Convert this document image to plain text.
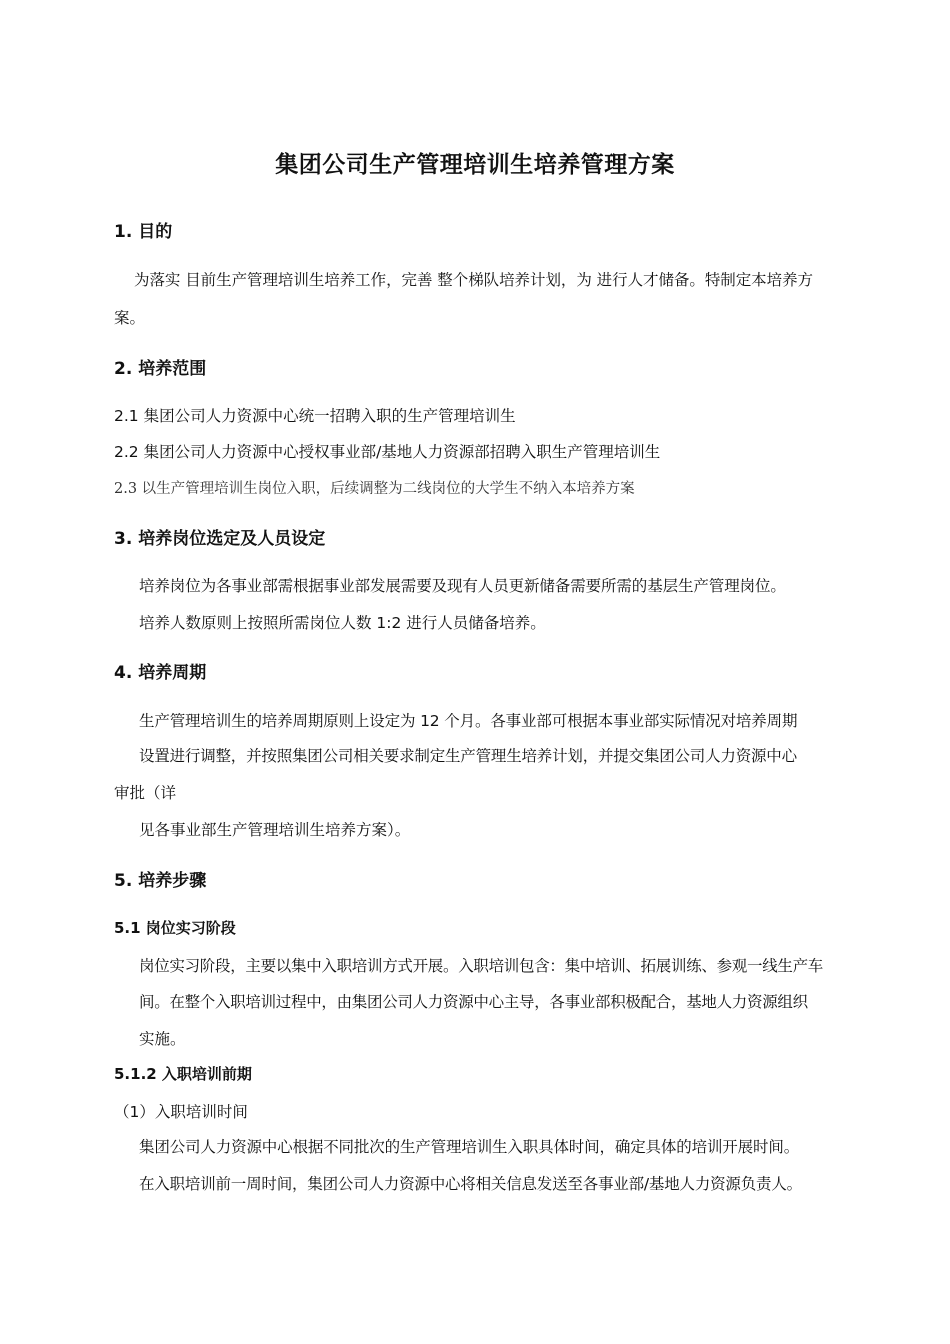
集团公司生产管理培训生培养管理方案
1. 目的
为落实 目前生产管理培训生培养工作，完善 整个梯队培养计划，为 进行人才储备。特制定本培养方
案。
2. 培养范围
2.1 集团公司人力资源中心统一招聘入职的生产管理培训生
2.2 集团公司人力资源中心授权事业部/基地人力资源部招聘入职生产管理培训生
2.3 以生产管理培训生岗位入职，后续调整为二线岗位的大学生不纳入本培养方案
3. 培养岗位选定及人员设定
培养岗位为各事业部需根据事业部发展需要及现有人员更新储备需要所需的基层生产管理岗位。
培养人数原则上按照所需岗位人数 1:2 进行人员储备培养。
4. 培养周期
生产管理培训生的培养周期原则上设定为 12 个月。各事业部可根据本事业部实际情况对培养周期
设置进行调整，并按照集团公司相关要求制定生产管理生培养计划，并提交集团公司人力资源中心
审批（详
见各事业部生产管理培训生培养方案）。
5. 培养步骤
5.1 岗位实习阶段
岗位实习阶段，主要以集中入职培训方式开展。入职培训包含：集中培训、拓展训练、参观一线生产车
间。在整个入职培训过程中，由集团公司人力资源中心主导，各事业部积极配合，基地人力资源组织
实施。
5.1.2 入职培训前期
（1）入职培训时间
集团公司人力资源中心根据不同批次的生产管理培训生入职具体时间，确定具体的培训开展时间。
在入职培训前一周时间，集团公司人力资源中心将相关信息发送至各事业部/基地人力资源负责人。
